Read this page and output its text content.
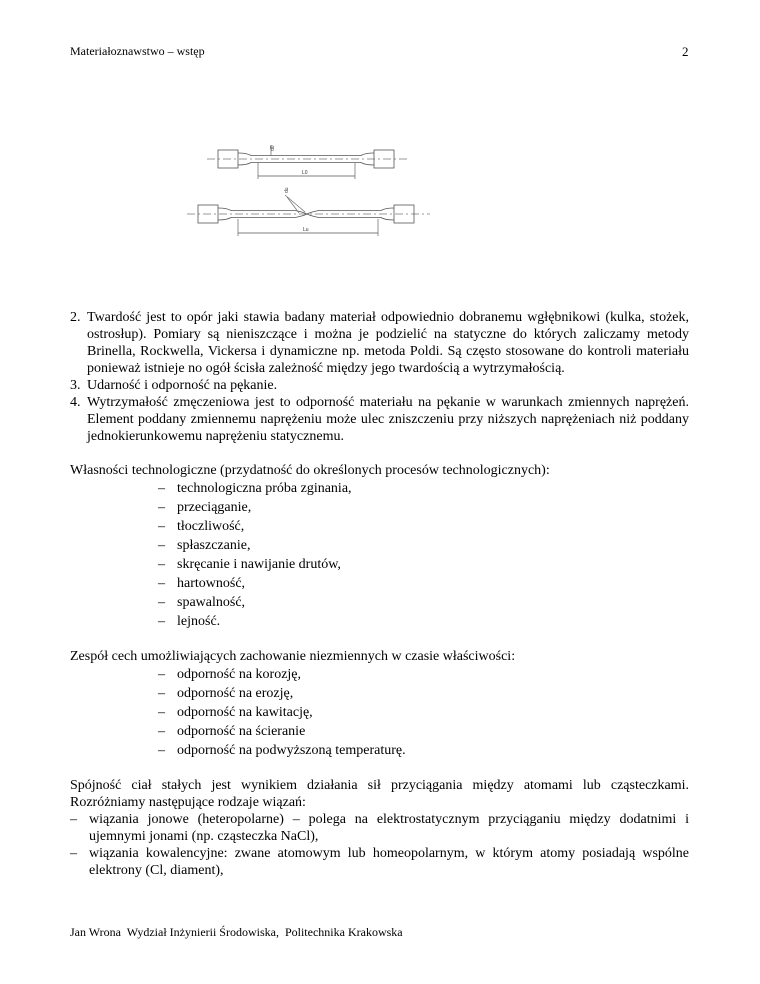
Materiałoznawstwo – wstęp	2
d0
L0
du
Lu
2. Twardość jest to opór jaki stawia badany materiał odpowiednio dobranemu wgłębnikowi (kulka, stożek, ostrosłup). Pomiary są nieniszczące i można je podzielić na statyczne do których zaliczamy metody Brinella, Rockwella, Vickersa i dynamiczne np. metoda Poldi. Są często stosowane do kontroli materiału ponieważ istnieje no ogół ścisła zależność między jego twardością a wytrzymałością.
3. Udarność i odporność na pękanie.
4. Wytrzymałość zmęczeniowa jest to odporność materiału na pękanie w warunkach zmiennych naprężeń. Element poddany zmiennemu naprężeniu może ulec zniszczeniu przy niższych naprężeniach niż poddany jednokierunkowemu naprężeniu statycznemu.

Własności technologiczne (przydatność do określonych procesów technologicznych):

– technologiczna próba zginania,
– przeciąganie,
– tłoczliwość,
– spłaszczanie,
– skręcanie i nawijanie drutów,
– hartowność,
– spawalność,
– lejność.

Zespół cech umożliwiających zachowanie niezmiennych w czasie właściwości:

– odporność na korozję,
– odporność na erozję,
– odporność na kawitację,
– odporność na ścieranie
– odporność na podwyższoną temperaturę.

Spójność ciał stałych jest wynikiem działania sił przyciągania między atomami lub cząsteczkami. Rozróżniamy następujące rodzaje wiązań:

– wiązania jonowe (heteropolarne) – polega na elektrostatycznym przyciąganiu między dodatnimi i ujemnymi jonami (np. cząsteczka NaCl),
– wiązania kowalencyjne: zwane atomowym lub homeopolarnym, w którym atomy posiadają wspólne elektrony (Cl, diament),
Jan Wrona  Wydział Inżynierii Środowiska,  Politechnika Krakowska
